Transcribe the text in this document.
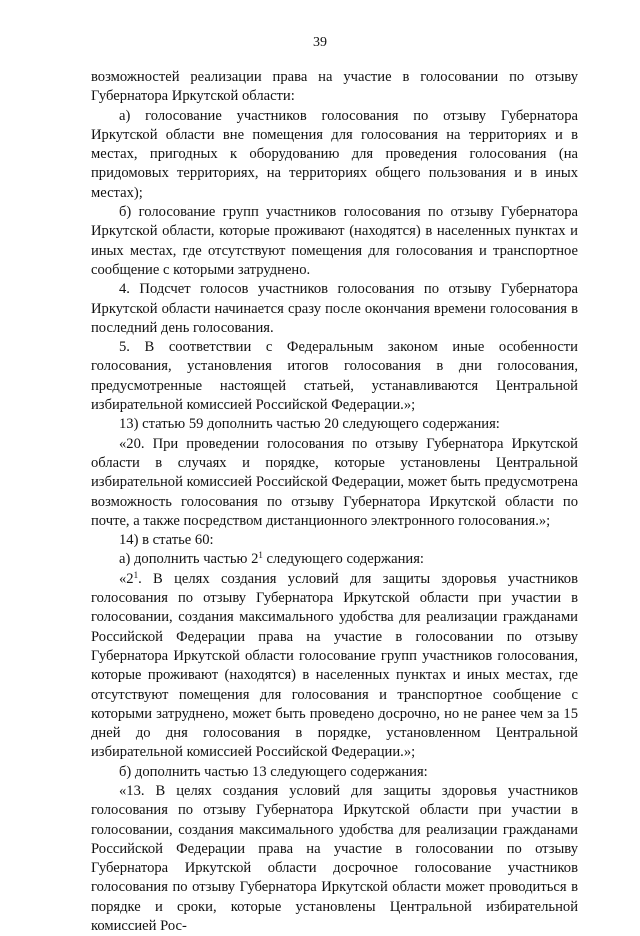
39

возможностей реализации права на участие в голосовании по отзыву Губернатора Иркутской области:

а) голосование участников голосования по отзыву Губернатора Иркутской области вне помещения для голосования на территориях и в местах, пригодных к оборудованию для проведения голосования (на придомовых территориях, на территориях общего пользования и в иных местах);

б) голосование групп участников голосования по отзыву Губернатора Иркутской области, которые проживают (находятся) в населенных пунктах и иных местах, где отсутствуют помещения для голосования и транспортное сообщение с которыми затруднено.

4. Подсчет голосов участников голосования по отзыву Губернатора Иркутской области начинается сразу после окончания времени голосования в последний день голосования.

5. В соответствии с Федеральным законом иные особенности голосования, установления итогов голосования в дни голосования, предусмотренные настоящей статьей, устанавливаются Центральной избирательной комиссией Российской Федерации.»;

13) статью 59 дополнить частью 20 следующего содержания:

«20. При проведении голосования по отзыву Губернатора Иркутской области в случаях и порядке, которые установлены Центральной избирательной комиссией Российской Федерации, может быть предусмотрена возможность голосования по отзыву Губернатора Иркутской области по почте, а также посредством дистанционного электронного голосования.»;

14) в статье 60:

а) дополнить частью $2^1$ следующего содержания:

«$2^1$. В целях создания условий для защиты здоровья участников голосования по отзыву Губернатора Иркутской области при участии в голосовании, создания максимального удобства для реализации гражданами Российской Федерации права на участие в голосовании по отзыву Губернатора Иркутской области голосование групп участников голосования, которые проживают (находятся) в населенных пунктах и иных местах, где отсутствуют помещения для голосования и транспортное сообщение с которыми затруднено, может быть проведено досрочно, но не ранее чем за 15 дней до дня голосования в порядке, установленном Центральной избирательной комиссией Российской Федерации.»;

б) дополнить частью 13 следующего содержания:

«13. В целях создания условий для защиты здоровья участников голосования по отзыву Губернатора Иркутской области при участии в голосовании, создания максимального удобства для реализации гражданами Российской Федерации права на участие в голосовании по отзыву Губернатора Иркутской области досрочное голосование участников голосования по отзыву Губернатора Иркутской области может проводиться в порядке и сроки, которые установлены Центральной избирательной комиссией Рос-
